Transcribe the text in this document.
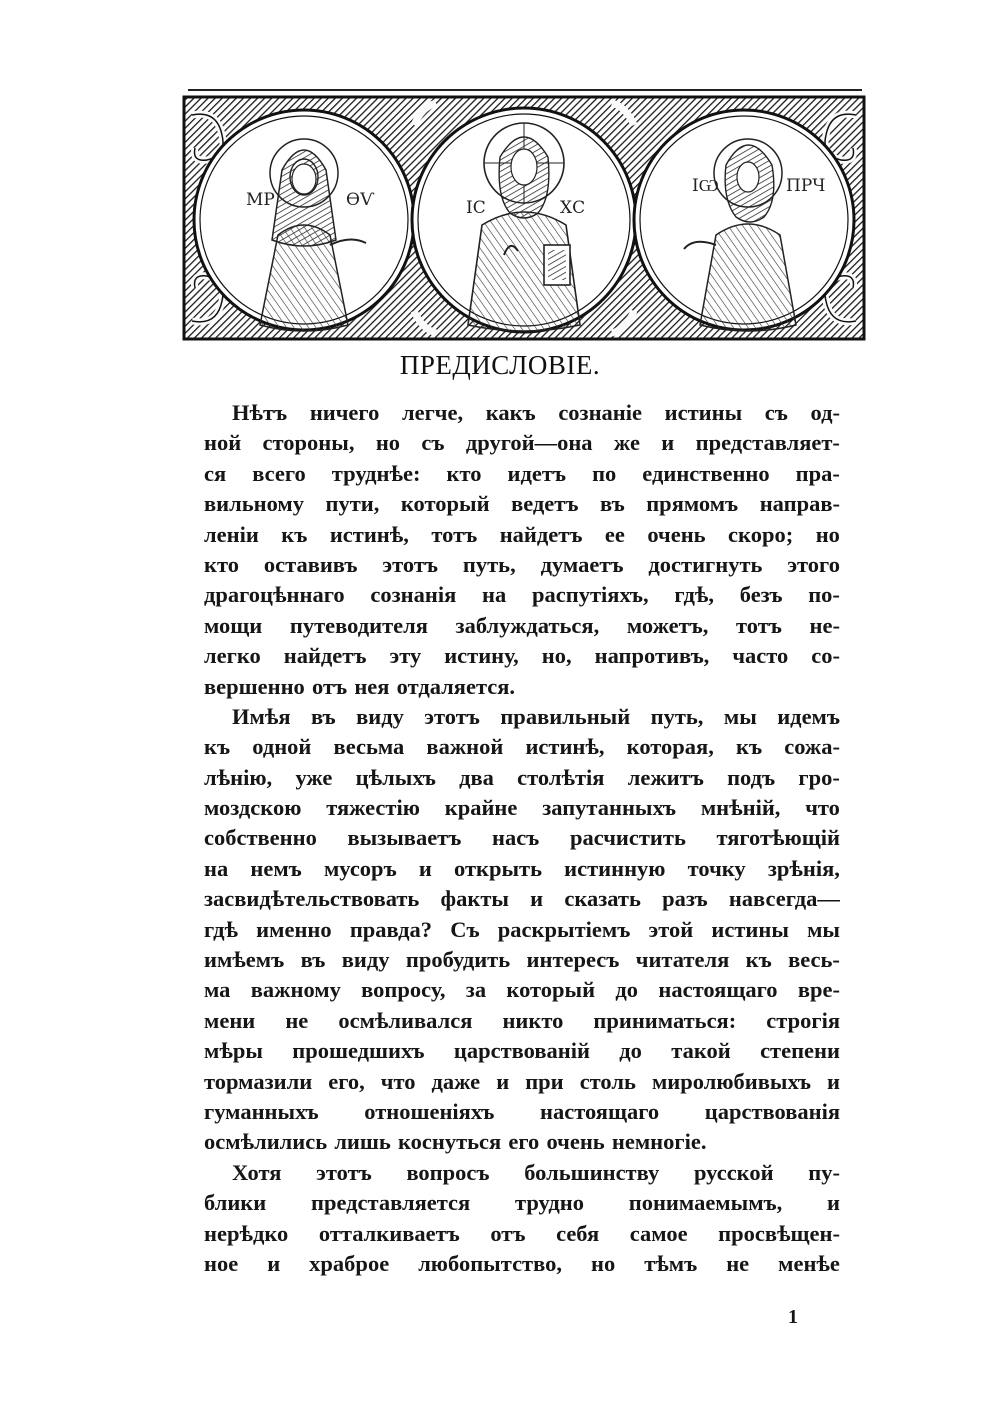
МР	ѲѴ	IC	ХС
IѠ	ПРЧ
ПРЕДИСЛОВIЕ.
Нѣтъ ничего легче, какъ сознанiе истины съ од-
ной стороны, но съ другой—она же и представляет-
ся всего труднѣе: кто идетъ по единственно пра-
вильному пути, который ведетъ въ прямомъ направ-
ленiи къ истинѣ, тотъ найдетъ ее очень скоро; но
кто оставивъ этотъ путь, думаетъ достигнуть этого
драгоцѣннаго сознанiя на распутiяхъ, гдѣ, безъ по-
мощи путеводителя заблуждаться, можетъ, тотъ не-
легко найдетъ эту истину, но, напротивъ, часто со-
вершенно отъ нея отдаляется.
Имѣя въ виду этотъ правильный путь, мы идемъ
къ одной весьма важной истинѣ, которая, къ сожа-
лѣнiю, уже цѣлыхъ два столѣтiя лежитъ подъ гро-
моздскою тяжестiю крайне запутанныхъ мнѣнiй, что
собственно вызываетъ насъ расчистить тяготѣющiй
на немъ мусоръ и открыть истинную точку зрѣнiя,
засвидѣтельствовать факты и сказать разъ навсегда—
гдѣ именно правда? Съ раскрытiемъ этой истины мы
имѣемъ въ виду пробудить интересъ читателя къ весь-
ма важному вопросу, за который до настоящаго вре-
мени не осмѣливался никто приниматься: строгiя
мѣры прошедшихъ царствованiй до такой степени
тормазили его, что даже и при столь миролюбивыхъ и
гуманныхъ отношенiяхъ настоящаго царствованiя
осмѣлились лишь коснуться его очень немногiе.
Хотя этотъ вопросъ большинству русской пу-
блики представляется трудно понимаемымъ, и
нерѣдко отталкиваетъ отъ себя самое просвѣщен-
ное и храброе любопытство, но тѣмъ не менѣе
1
